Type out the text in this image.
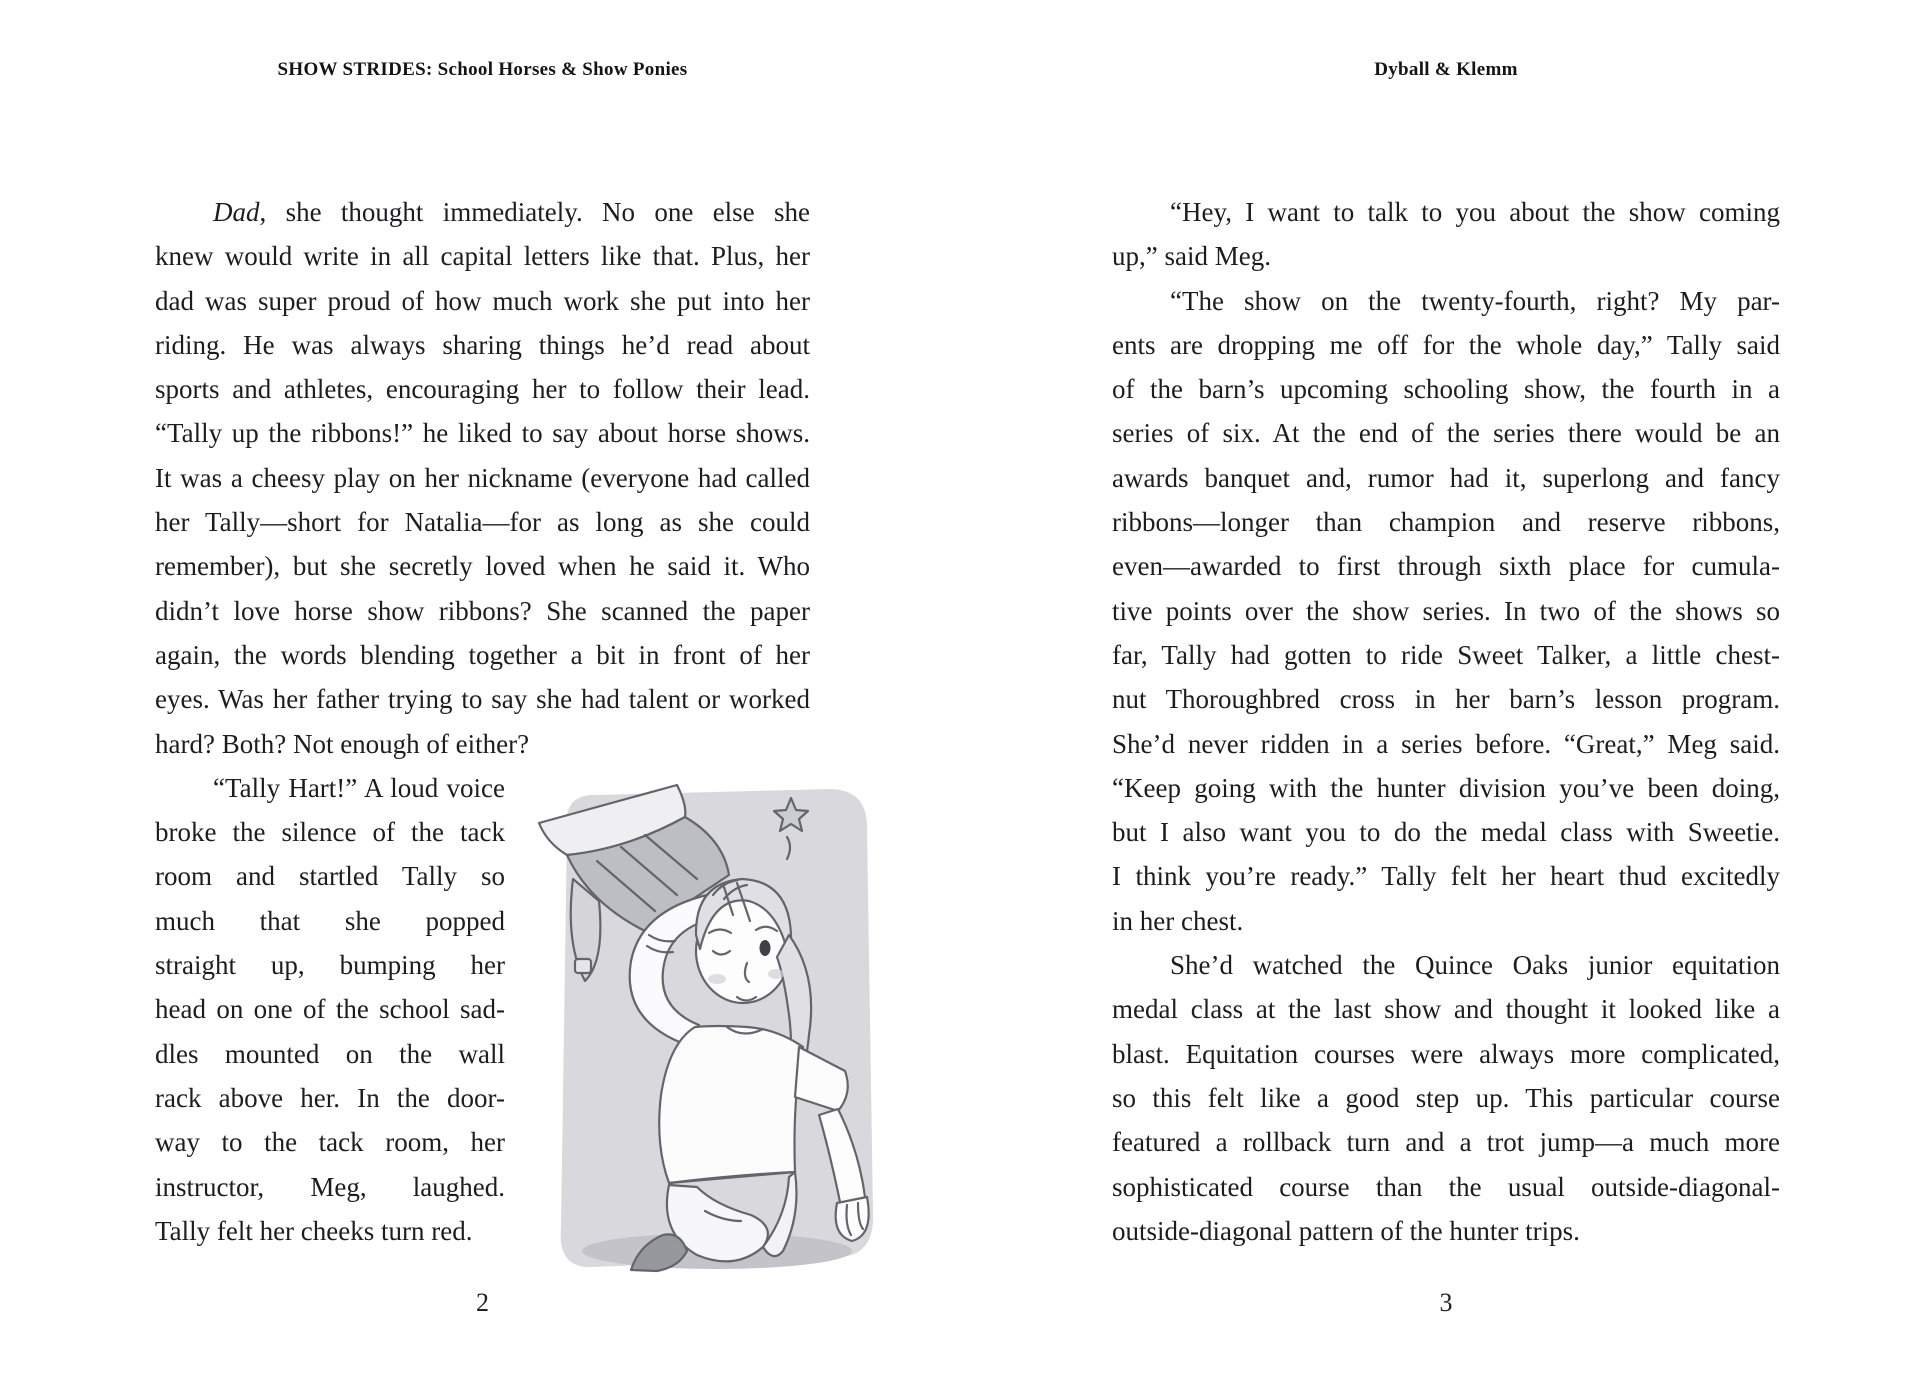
SHOW STRIDES: School Horses & Show Ponies	Dyball & Klemm
Dad, she thought immediately. No one else she
knew would write in all capital letters like that. Plus, her
dad was super proud of how much work she put into her
riding. He was always sharing things he’d read about
sports and athletes, encouraging her to follow their lead.
“Tally up the ribbons!” he liked to say about horse shows.
It was a cheesy play on her nickname (everyone had called
her Tally—short for Natalia—for as long as she could
remember), but she secretly loved when he said it. Who
didn’t love horse show ribbons? She scanned the paper
again, the words blending together a bit in front of her
eyes. Was her father trying to say she had talent or worked
hard? Both? Not enough of either?
“Tally Hart!” A loud voice
broke the silence of the tack
room and startled Tally so
much that she popped
straight up, bumping her
head on one of the school sad-
dles mounted on the wall
rack above her. In the door-
way to the tack room, her
instructor, Meg, laughed.
Tally felt her cheeks turn red.
“Hey, I want to talk to you about the show coming
up,” said Meg.
“The show on the twenty-fourth, right? My par-
ents are dropping me off for the whole day,” Tally said
of the barn’s upcoming schooling show, the fourth in a
series of six. At the end of the series there would be an
awards banquet and, rumor had it, superlong and fancy
ribbons—longer than champion and reserve ribbons,
even—awarded to first through sixth place for cumula-
tive points over the show series. In two of the shows so
far, Tally had gotten to ride Sweet Talker, a little chest-
nut Thoroughbred cross in her barn’s lesson program.
She’d never ridden in a series before. “Great,” Meg said.
“Keep going with the hunter division you’ve been doing,
but I also want you to do the medal class with Sweetie.
I think you’re ready.” Tally felt her heart thud excitedly
in her chest.
She’d watched the Quince Oaks junior equitation
medal class at the last show and thought it looked like a
blast. Equitation courses were always more complicated,
so this felt like a good step up. This particular course
featured a rollback turn and a trot jump—a much more
sophisticated course than the usual outside-diagonal-
outside-diagonal pattern of the hunter trips.
2	3
